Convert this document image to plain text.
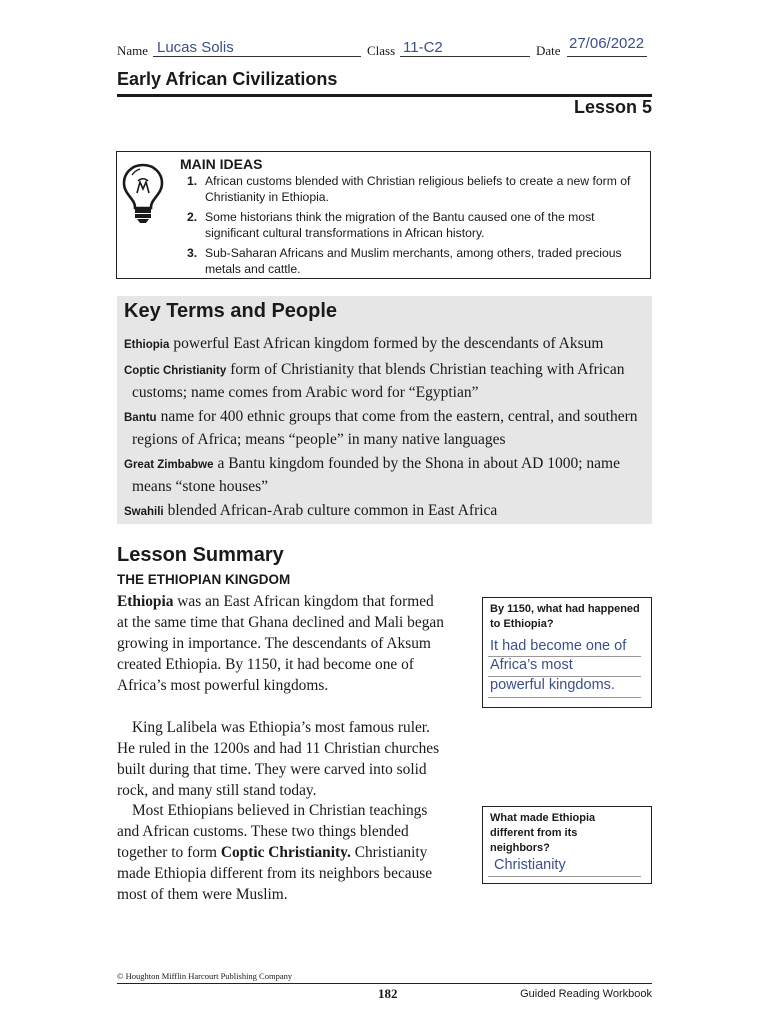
Name Lucas Solis	Class 11-C2	Date 27/06/2022
Early African Civilizations
Lesson 5
MAIN IDEAS
1. African customs blended with Christian religious beliefs to create a new form of Christianity in Ethiopia.
2. Some historians think the migration of the Bantu caused one of the most significant cultural transformations in African history.
3. Sub-Saharan Africans and Muslim merchants, among others, traded precious metals and cattle.
Key Terms and People
Ethiopia powerful East African kingdom formed by the descendants of Aksum
Coptic Christianity form of Christianity that blends Christian teaching with African customs; name comes from Arabic word for “Egyptian”
Bantu name for 400 ethnic groups that come from the eastern, central, and southern regions of Africa; means “people” in many native languages
Great Zimbabwe a Bantu kingdom founded by the Shona in about AD 1000; name means “stone houses”
Swahili blended African-Arab culture common in East Africa
Lesson Summary
THE ETHIOPIAN KINGDOM

Ethiopia was an East African kingdom that formed at the same time that Ghana declined and Mali began growing in importance. The descendants of Aksum created Ethiopia. By 1150, it had become one of Africa’s most powerful kingdoms.

King Lalibela was Ethiopia’s most famous ruler. He ruled in the 1200s and had 11 Christian churches built during that time. They were carved into solid rock, and many still stand today.

Most Ethiopians believed in Christian teachings and African customs. These two things blended together to form Coptic Christianity. Christianity made Ethiopia different from its neighbors because most of them were Muslim.

By 1150, what had happened to Ethiopia?
It had become one of
Africa’s most
powerful kingdoms.
What made Ethiopia different from its neighbors?
Christianity
© Houghton Mifflin Harcourt Publishing Company
182	Guided Reading Workbook
